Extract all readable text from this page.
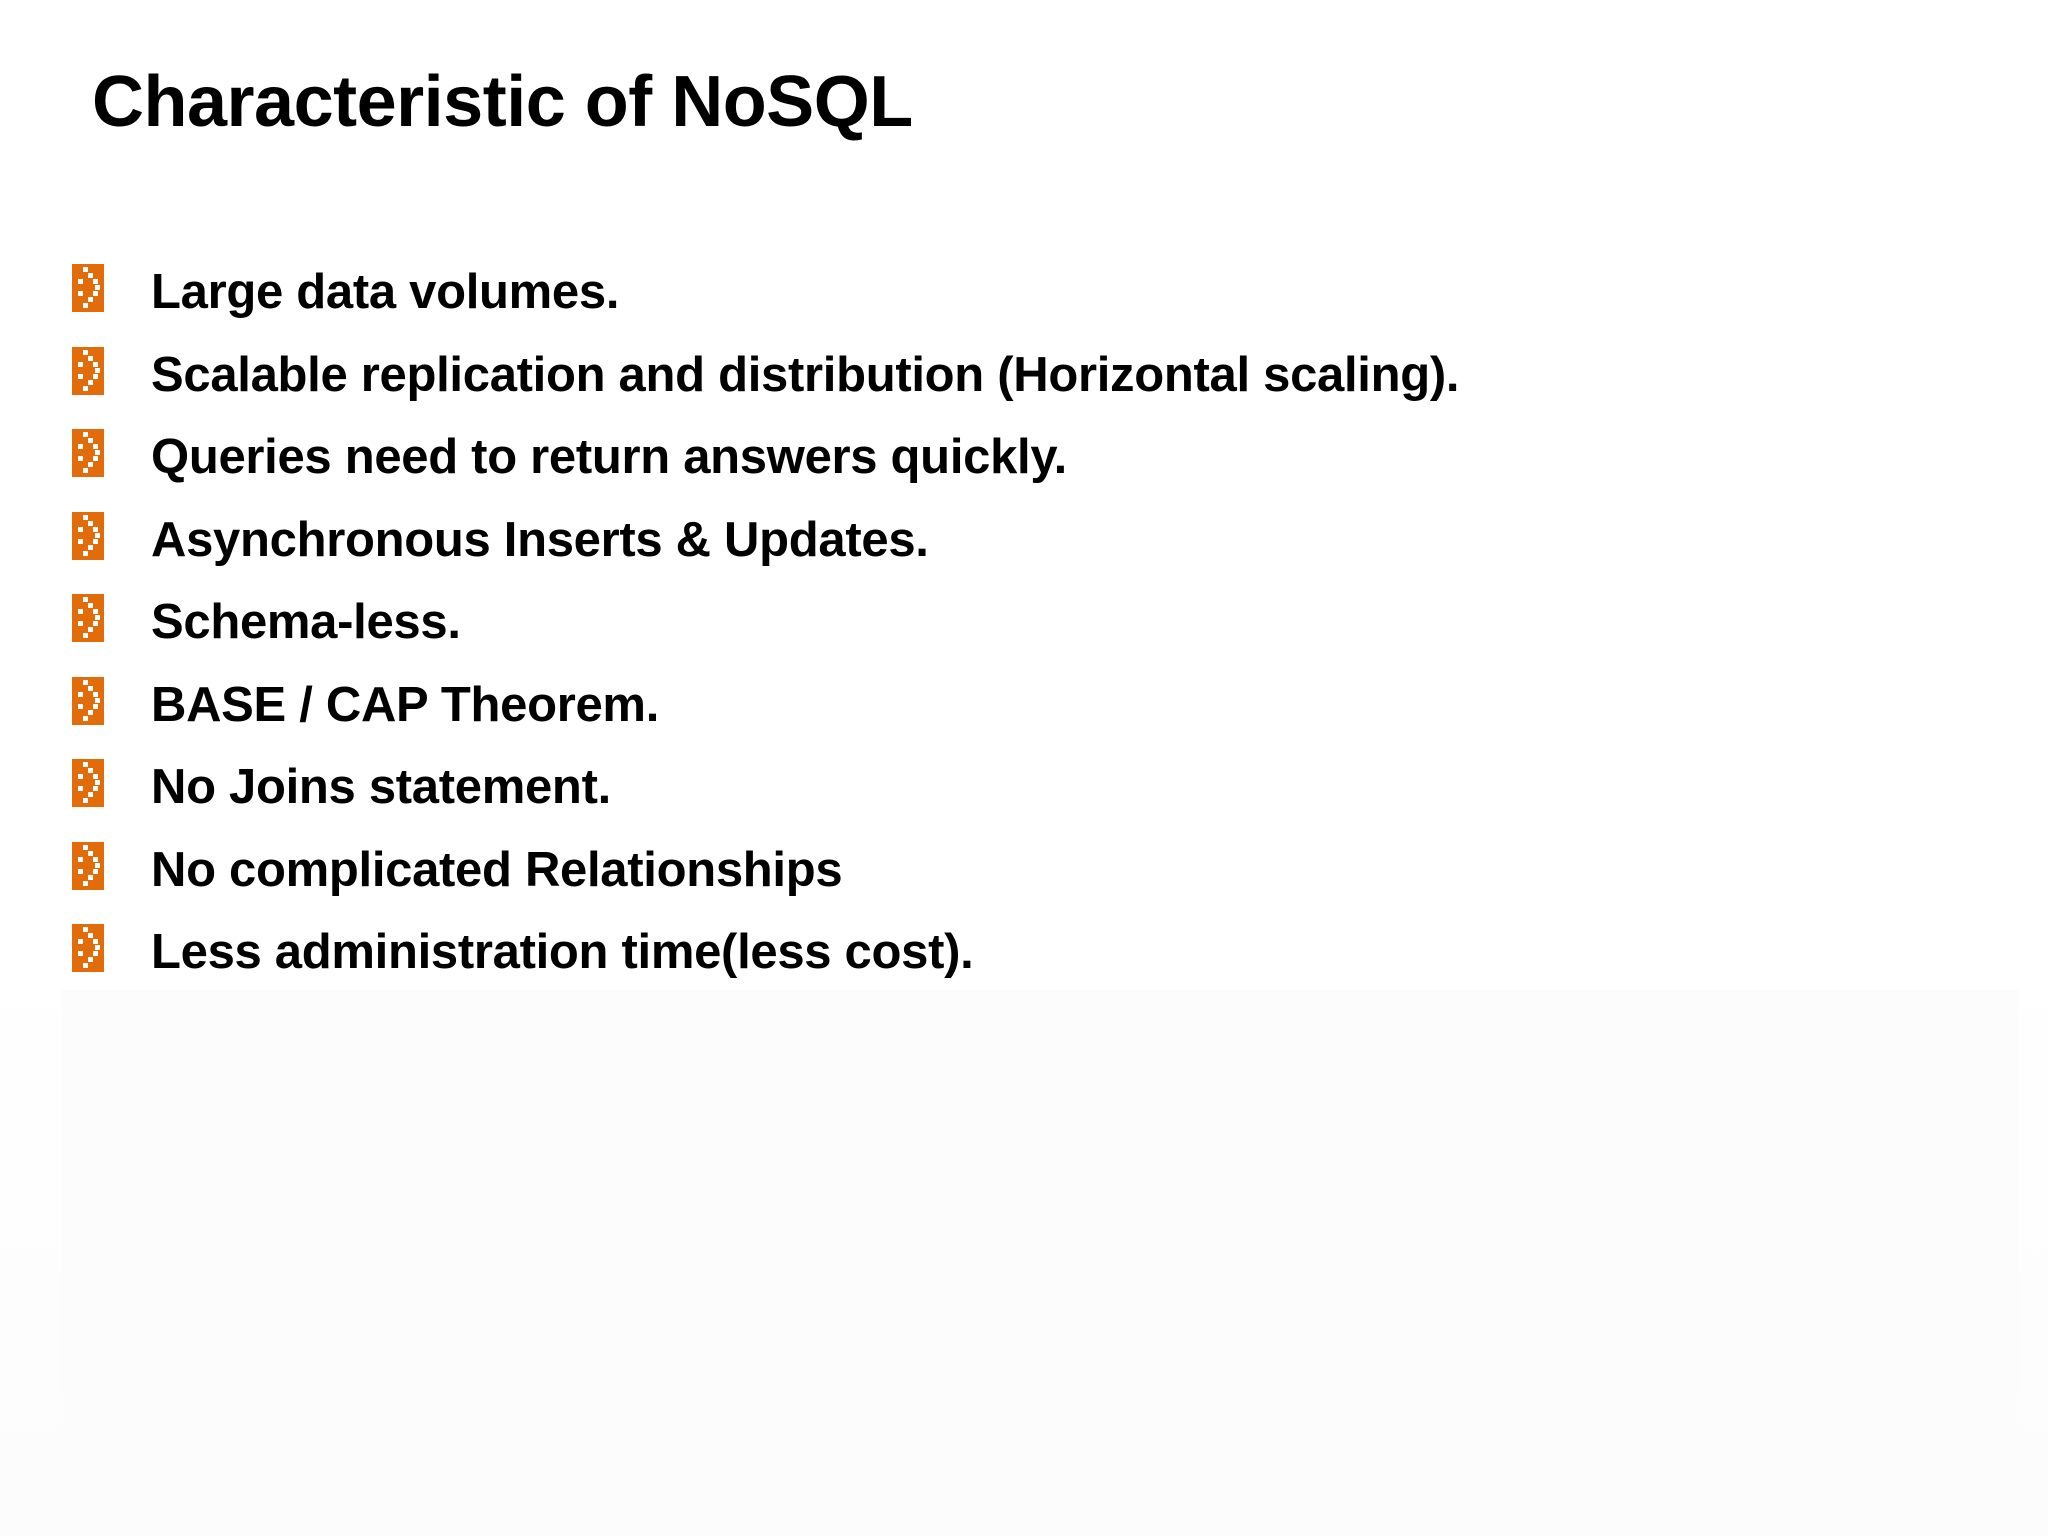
Characteristic of NoSQL
Large data volumes.
Scalable replication and distribution (Horizontal scaling).
Queries need to return answers quickly.
Asynchronous Inserts & Updates.
Schema-less.
BASE / CAP Theorem.
No Joins statement.
No complicated Relationships
Less administration time(less cost).
